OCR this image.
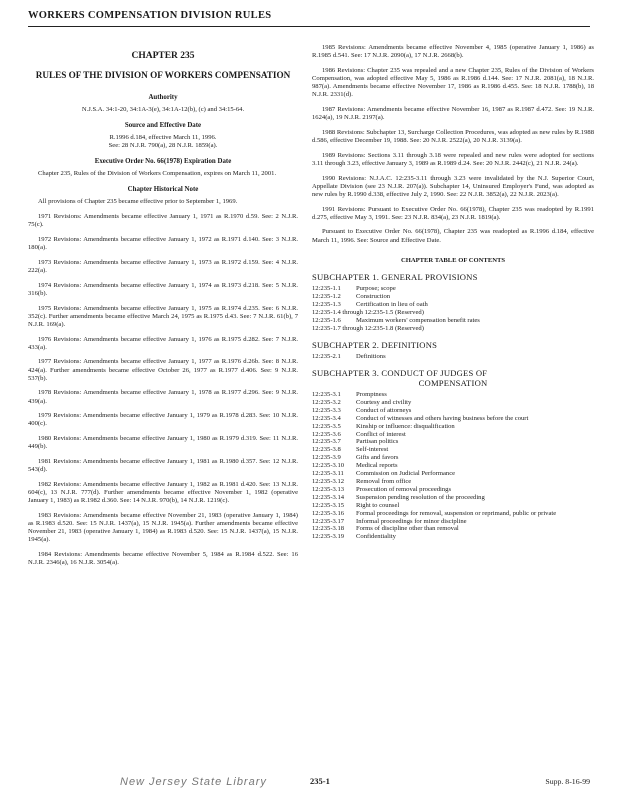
WORKERS COMPENSATION DIVISION RULES
CHAPTER 235
RULES OF THE DIVISION OF WORKERS COMPENSATION
Authority
N.J.S.A. 34:1-20, 34:1A-3(e), 34:1A-12(b), (c) and 34:15-64.
Source and Effective Date
R.1996 d.184, effective March 11, 1996.
See: 28 N.J.R. 790(a), 28 N.J.R. 1859(a).
Executive Order No. 66(1978) Expiration Date

Chapter 235, Rules of the Division of Workers Compensation, expires on March 11, 2001.

Chapter Historical Note

All provisions of Chapter 235 became effective prior to September 1, 1969.

1971 Revisions: Amendments became effective January 1, 1971 as R.1970 d.59. See: 2 N.J.R. 75(c).

1972 Revisions: Amendments became effective January 1, 1972 as R.1971 d.140. See: 3 N.J.R. 180(a).

1973 Revisions: Amendments became effective January 1, 1973 as R.1972 d.159. See: 4 N.J.R. 222(a).

1974 Revisions: Amendments became effective January 1, 1974 as R.1973 d.218. See: 5 N.J.R. 316(b).

1975 Revisions: Amendments became effective January 1, 1975 as R.1974 d.235. See: 6 N.J.R. 352(c). Further amendments became effective March 24, 1975 as R.1975 d.43. See: 7 N.J.R. 61(b), 7 N.J.R. 169(a).

1976 Revisions: Amendments became effective January 1, 1976 as R.1975 d.282. See: 7 N.J.R. 433(a).

1977 Revisions: Amendments became effective January 1, 1977 as R.1976 d.26b. See: 8 N.J.R. 424(a). Further amendments became effective October 26, 1977 as R.1977 d.406. See: 9 N.J.R. 537(b).

1978 Revisions: Amendments became effective January 1, 1978 as R.1977 d.296. See: 9 N.J.R. 439(a).

1979 Revisions: Amendments became effective January 1, 1979 as R.1978 d.283. See: 10 N.J.R. 400(c).

1980 Revisions: Amendments became effective January 1, 1980 as R.1979 d.319. See: 11 N.J.R. 449(b).

1981 Revisions: Amendments became effective January 1, 1981 as R.1980 d.357. See: 12 N.J.R. 543(d).

1982 Revisions: Amendments became effective January 1, 1982 as R.1981 d.420. See: 13 N.J.R. 604(c), 13 N.J.R. 777(d). Further amendments became effective November 1, 1982 (operative January 1, 1983) as R.1982 d.360. See: 14 N.J.R. 970(b), 14 N.J.R. 1219(c).

1983 Revisions: Amendments became effective November 21, 1983 (operative January 1, 1984) as R.1983 d.520. See: 15 N.J.R. 1437(a), 15 N.J.R. 1945(a). Further amendments became effective November 21, 1983 (operative January 1, 1984) as R.1983 d.520. See: 15 N.J.R. 1437(a), 15 N.J.R. 1945(a).

1984 Revisions: Amendments became effective November 5, 1984 as R.1984 d.522. See: 16 N.J.R. 2346(a), 16 N.J.R. 3054(a).

1985 Revisions: Amendments became effective November 4, 1985 (operative January 1, 1986) as R.1985 d.541. See: 17 N.J.R. 2090(a), 17 N.J.R. 2668(b).

1986 Revisions: Chapter 235 was repealed and a new Chapter 235, Rules of the Division of Workers Compensation, was adopted effective May 5, 1986 as R.1986 d.144. See: 17 N.J.R. 2081(a), 18 N.J.R. 987(a). Amendments became effective November 17, 1986 as R.1986 d.455. See: 18 N.J.R. 1788(b), 18 N.J.R. 2331(d).

1987 Revisions: Amendments became effective November 16, 1987 as R.1987 d.472. See: 19 N.J.R. 1624(a), 19 N.J.R. 2197(a).

1988 Revisions: Subchapter 13, Surcharge Collection Procedures, was adopted as new rules by R.1988 d.586, effective December 19, 1988. See: 20 N.J.R. 2522(a), 20 N.J.R. 3139(a).

1989 Revisions: Sections 3.11 through 3.18 were repealed and new rules were adopted for sections 3.11 through 3.23, effective January 3, 1989 as R.1989 d.24. See: 20 N.J.R. 2442(c), 21 N.J.R. 24(a).

1990 Revisions: N.J.A.C. 12:235-3.11 through 3.23 were invalidated by the N.J. Superior Court, Appellate Division (see 23 N.J.R. 207(a)). Subchapter 14, Uninsured Employer's Fund, was adopted as new rules by R.1990 d.338, effective July 2, 1990. See: 22 N.J.R. 3852(a), 22 N.J.R. 2023(a).

1991 Revisions: Pursuant to Executive Order No. 66(1978), Chapter 235 was readopted by R.1991 d.275, effective May 3, 1991. See: 23 N.J.R. 834(a), 23 N.J.R. 1819(a).

Pursuant to Executive Order No. 66(1978), Chapter 235 was readopted as R.1996 d.184, effective March 11, 1996. See: Source and Effective Date.

CHAPTER TABLE OF CONTENTS
SUBCHAPTER 1. GENERAL PROVISIONS
12:235-1.1	Purpose; scope
12:235-1.2	Construction
12:235-1.3	Certification in lieu of oath
12:235-1.4 through 12:235-1.5 (Reserved)
12:235-1.6	Maximum workers' compensation benefit rates
12:235-1.7 through 12:235-1.8 (Reserved)
SUBCHAPTER 2. DEFINITIONS
12:235-2.1	Definitions
SUBCHAPTER 3. CONDUCT OF JUDGES OF
COMPENSATION
12:235-3.1	Promptness
12:235-3.2	Courtesy and civility
12:235-3.3	Conduct of attorneys
12:235-3.4	Conduct of witnesses and others having business before the court
12:235-3.5	Kinship or influence: disqualification
12:235-3.6	Conflict of interest
12:235-3.7	Partisan politics
12:235-3.8	Self-interest
12:235-3.9	Gifts and favors
12:235-3.10	Medical reports
12:235-3.11	Commission on Judicial Performance
12:235-3.12	Removal from office
12:235-3.13	Prosecution of removal proceedings
12:235-3.14	Suspension pending resolution of the proceeding
12:235-3.15	Right to counsel
12:235-3.16	Formal proceedings for removal, suspension or reprimand, public or private
12:235-3.17	Informal proceedings for minor discipline
12:235-3.18	Forms of discipline other than removal
12:235-3.19	Confidentiality
New Jersey State Library	235-1	Supp. 8-16-99
